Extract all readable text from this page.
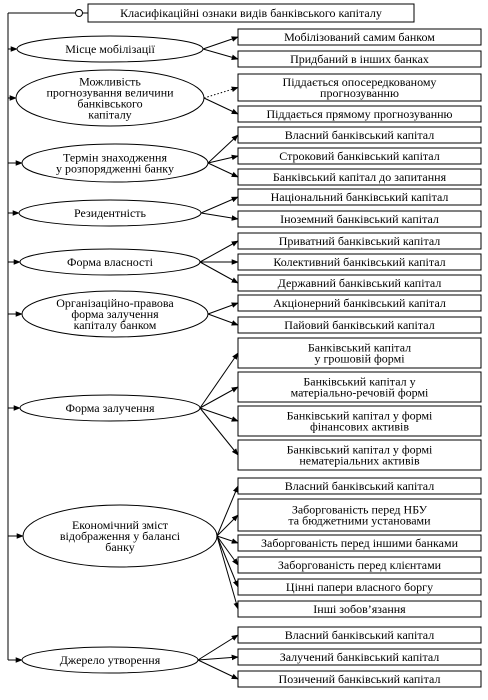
Класифікаційні ознаки видів банківського капіталу
Місце мобілізації
Мобілізований самим банком
Придбаний в інших банках
Можливість прогнозування величини банківського капіталу
Піддається опосередкованому прогнозуванню
Піддається прямому прогнозуванню
Термін знаходження у розпорядженні банку
Власний банківський капітал
Строковий банківський капітал
Банківський капітал до запитання
Резидентність
Національний банківський капітал
Іноземний банківський капітал
Форма власності
Приватний банківський капітал
Колективний банківський капітал
Державний банківський капітал
Організаційно-правова форма залучення капіталу банком
Акціонерний банківський капітал
Пайовий банківський капітал
Форма залучення
Банківський капітал у грошовій формі
Банківський капітал у матеріально-речовій формі
Банківський капітал у формі фінансових активів
Банківський капітал у формі нематеріальних активів
Економічний зміст відображення у балансі банку
Власний банківський капітал
Заборгованість перед НБУ та бюджетними установами
Заборгованість перед іншими банками
Заборгованість перед клієнтами
Цінні папери власного боргу
Інші зобов’язання
Джерело утворення
Власний банківський капітал
Залучений банківський капітал
Позичений банківський капітал
